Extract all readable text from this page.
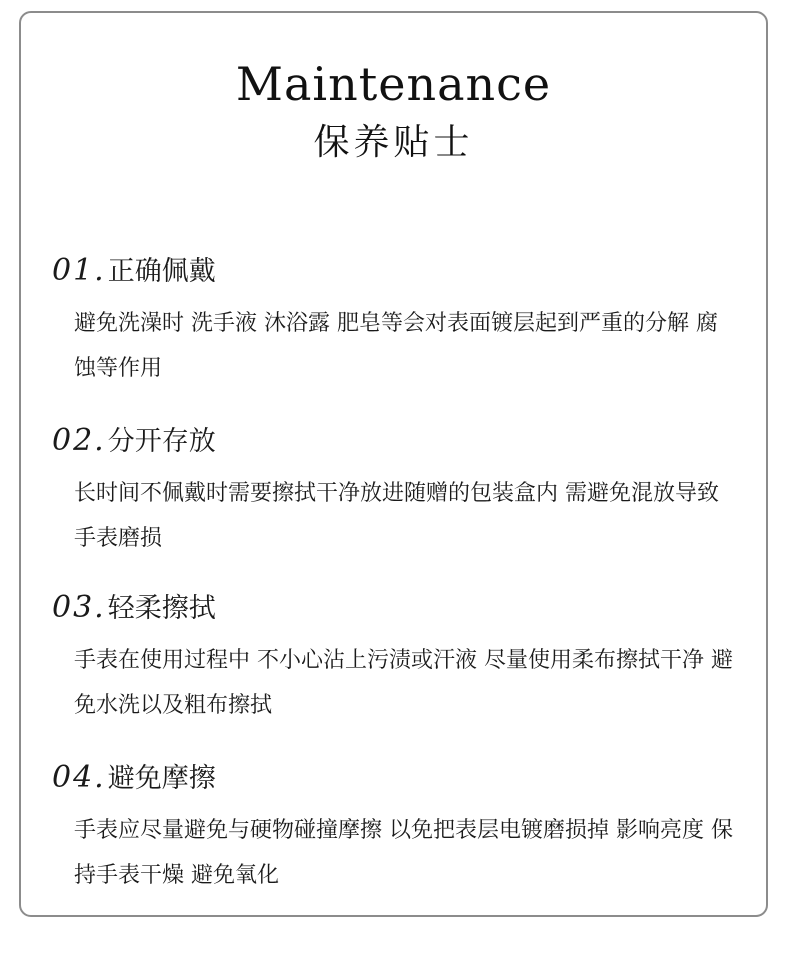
Maintenance
保养贴士
01. 正确佩戴
避免洗澡时 洗手液 沐浴露 肥皂等会对表面镀层起到严重的分解 腐蚀等作用
02. 分开存放
长时间不佩戴时需要擦拭干净放进随赠的包装盒内 需避免混放导致手表磨损
03. 轻柔擦拭
手表在使用过程中 不小心沾上污渍或汗液 尽量使用柔布擦拭干净 避免水洗以及粗布擦拭
04. 避免摩擦
手表应尽量避免与硬物碰撞摩擦 以免把表层电镀磨损掉 影响亮度 保持手表干燥 避免氧化
